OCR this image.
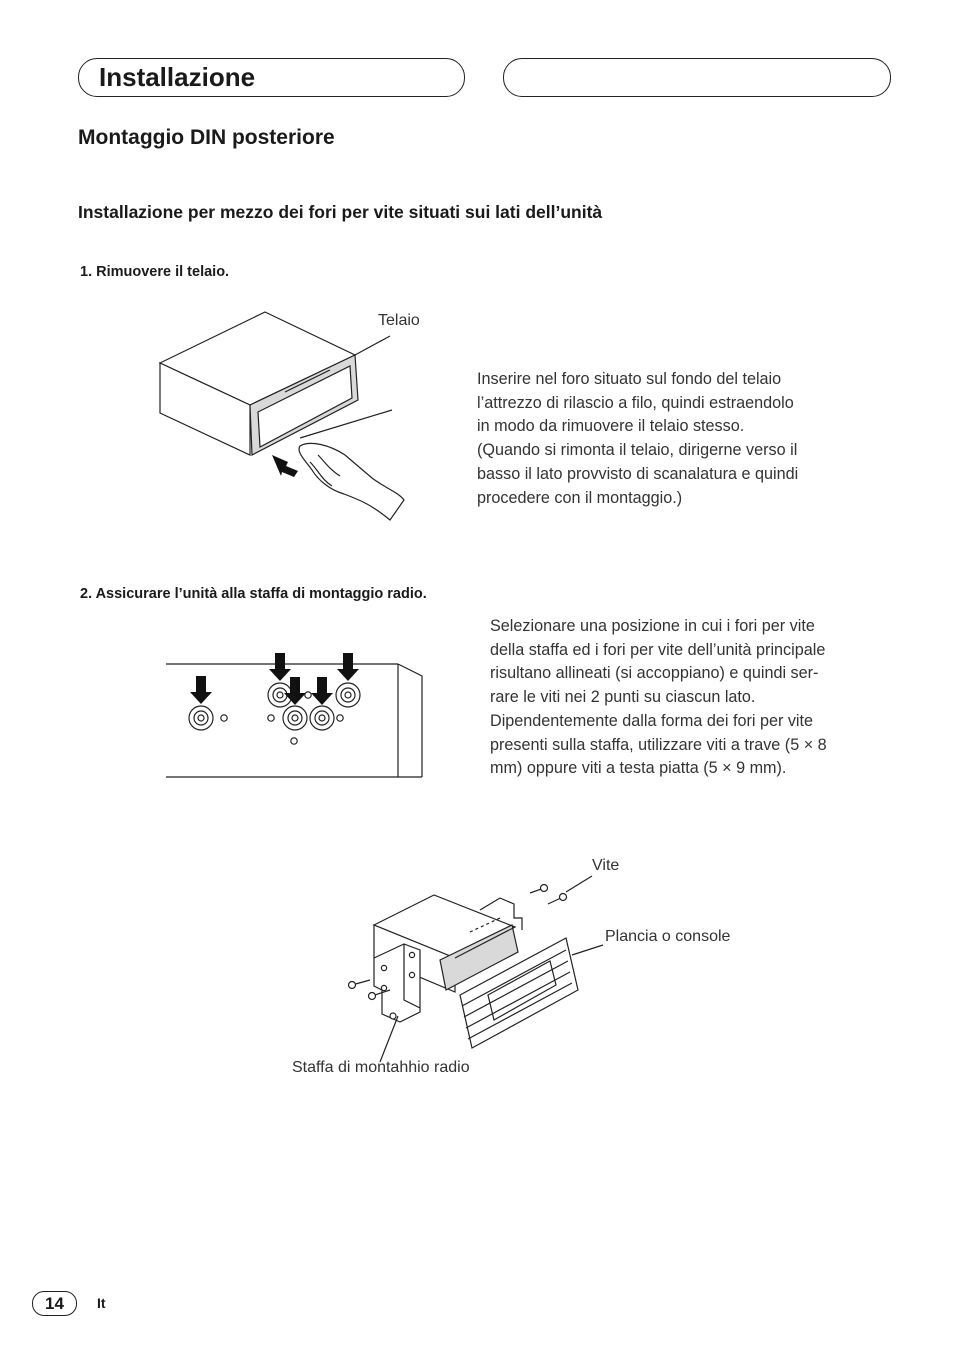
Installazione
Montaggio DIN posteriore
Installazione per mezzo dei fori per vite situati sui lati dell’unità
1. Rimuovere il telaio.
Telaio
Inserire nel foro situato sul fondo del telaio
l’attrezzo di rilascio a filo, quindi estraendolo
in modo da rimuovere il telaio stesso.
(Quando si rimonta il telaio, dirigerne verso il
basso il lato provvisto di scanalatura e quindi
procedere con il montaggio.)
2. Assicurare l’unità alla staffa di montaggio radio.
Selezionare una posizione in cui i fori per vite
della staffa ed i fori per vite dell’unità principale
risultano allineati (si accoppiano) e quindi ser-
rare le viti nei 2 punti su ciascun lato.
Dipendentemente dalla forma dei fori per vite
presenti sulla staffa, utilizzare viti a trave (5 × 8
mm) oppure viti a testa piatta (5 × 9 mm).
Vite
Plancia o console
Staffa di montahhio radio
14 It
